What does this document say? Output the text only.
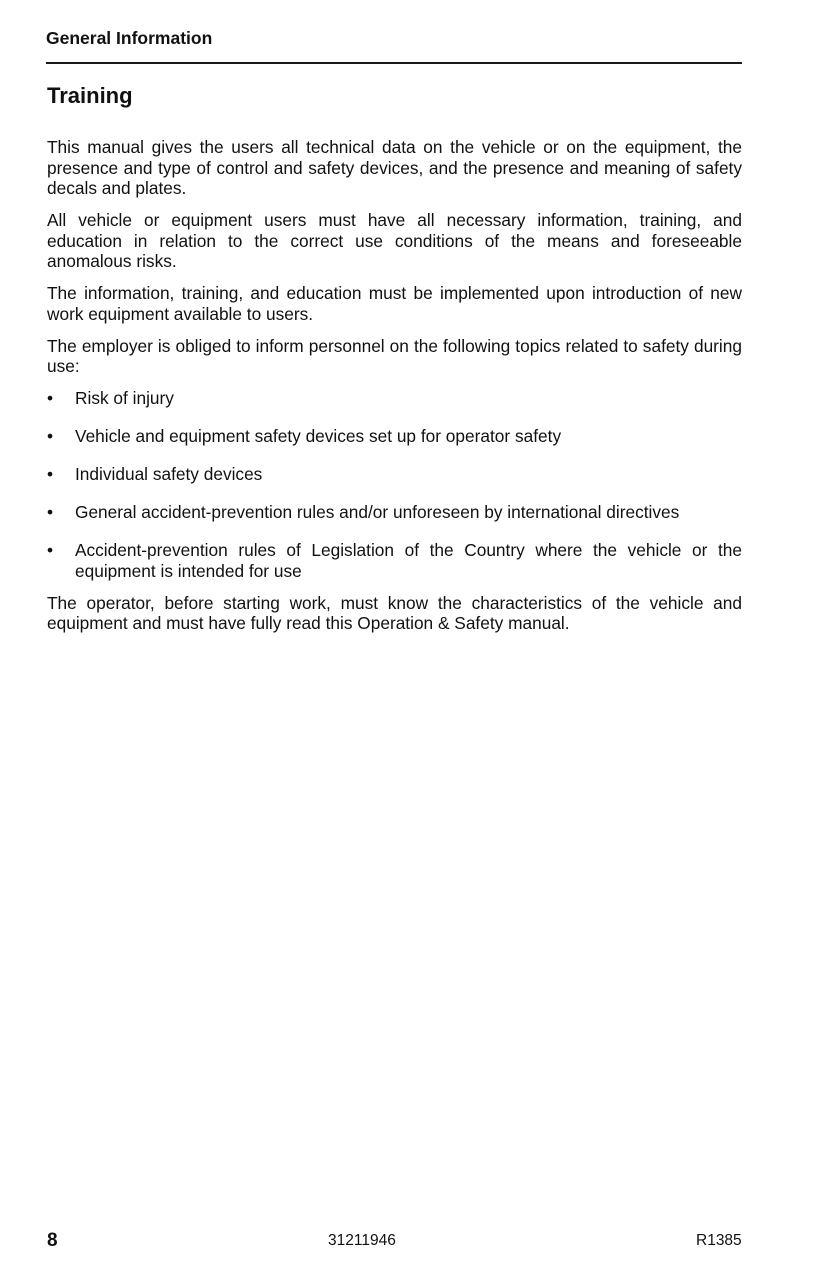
General Information
Training

This manual gives the users all technical data on the vehicle or on the equipment, the presence and type of control and safety devices, and the presence and meaning of safety decals and plates.

All vehicle or equipment users must have all necessary information, training, and education in relation to the correct use conditions of the means and foreseeable anomalous risks.

The information, training, and education must be implemented upon introduction of new work equipment available to users.

The employer is obliged to inform personnel on the following topics related to safety during use:

•	Risk of injury
•	Vehicle and equipment safety devices set up for operator safety
•	Individual safety devices
•	General accident-prevention rules and/or unforeseen by international directives
•	Accident-prevention rules of Legislation of the Country where the vehicle or the equipment is intended for use

The operator, before starting work, must know the characteristics of the vehicle and equipment and must have fully read this Operation & Safety manual.

8	31211946	R1385
